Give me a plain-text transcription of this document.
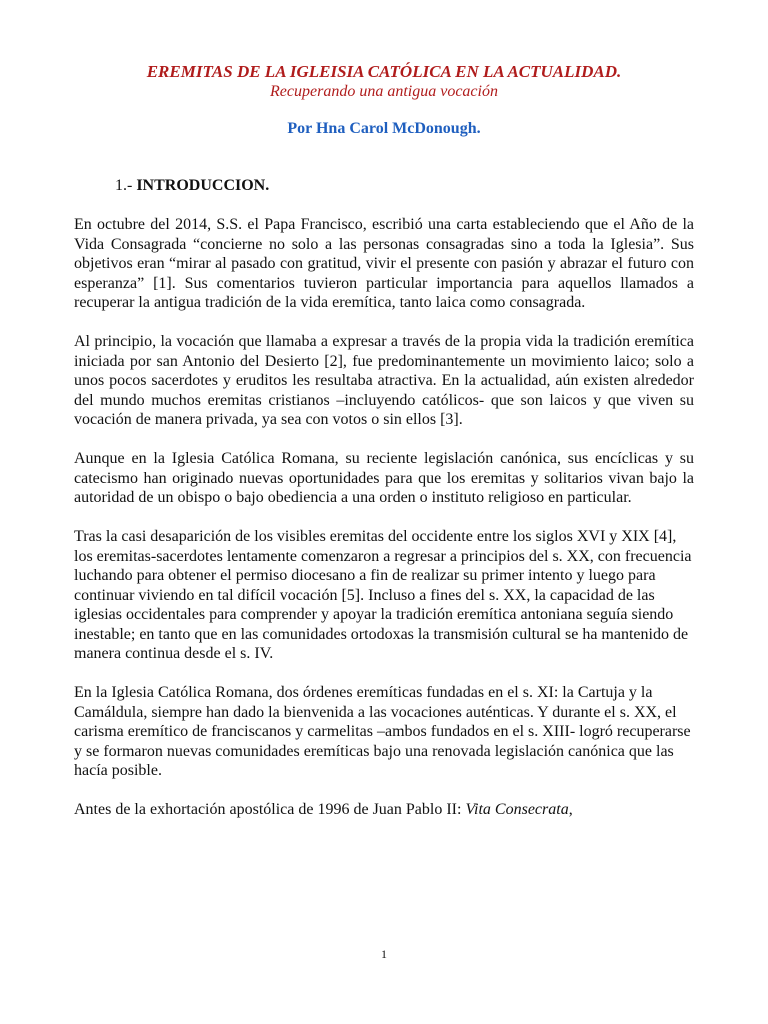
EREMITAS DE LA IGLEISIA CATÓLICA EN LA ACTUALIDAD.
Recuperando una antigua vocación
Por Hna Carol McDonough.
1.- INTRODUCCION.

En octubre del 2014, S.S. el Papa Francisco, escribió una carta estableciendo que el Año de la Vida Consagrada “concierne no solo a las personas consagradas sino a toda la Iglesia”. Sus objetivos eran “mirar al pasado con gratitud, vivir el presente con pasión y abrazar el futuro con esperanza” [1]. Sus comentarios tuvieron particular importancia para aquellos llamados a recuperar la antigua tradición de la vida eremítica, tanto laica como consagrada.

Al principio, la vocación que llamaba a expresar a través de la propia vida la tradición eremítica iniciada por san Antonio del Desierto [2], fue predominantemente un movimiento laico; solo a unos pocos sacerdotes y eruditos les resultaba atractiva. En la actualidad, aún existen alrededor del mundo muchos eremitas cristianos –incluyendo católicos- que son laicos y que viven su vocación de manera privada, ya sea con votos o sin ellos [3].

Aunque en la Iglesia Católica Romana, su reciente legislación canónica, sus encíclicas y su catecismo han originado nuevas oportunidades para que los eremitas y solitarios vivan bajo la autoridad de un obispo o bajo obediencia a una orden o instituto religioso en particular.

Tras la casi desaparición de los visibles eremitas del occidente entre los siglos XVI y XIX [4], los eremitas-sacerdotes lentamente comenzaron a regresar a principios del s. XX, con frecuencia luchando para obtener el permiso diocesano a fin de realizar su primer intento y luego para continuar viviendo en tal difícil vocación [5]. Incluso a fines del s. XX, la capacidad de las iglesias occidentales para comprender y apoyar la tradición eremítica antoniana seguía siendo inestable; en tanto que en las comunidades ortodoxas la transmisión cultural se ha mantenido de manera continua desde el s. IV.

En la Iglesia Católica Romana, dos órdenes eremíticas fundadas en el s. XI: la Cartuja y la Camáldula, siempre han dado la bienvenida a las vocaciones auténticas. Y durante el s. XX, el carisma eremítico de franciscanos y carmelitas –ambos fundados en el s. XIII- logró recuperarse y se formaron nuevas comunidades eremíticas bajo una renovada legislación canónica que las hacía posible.

Antes de la exhortación apostólica de 1996 de Juan Pablo II: Vita Consecrata,

1
